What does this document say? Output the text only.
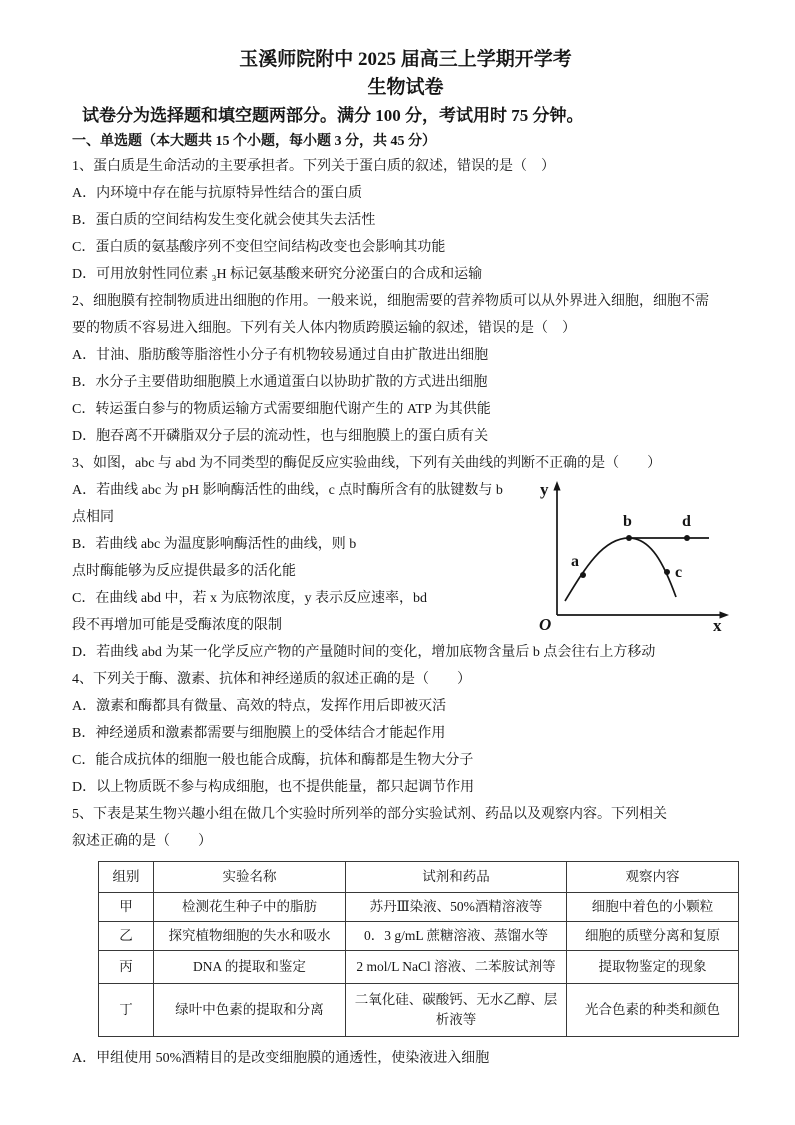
玉溪师院附中 2025 届高三上学期开学考
生物试卷
试卷分为选择题和填空题两部分。满分 100 分，考试用时 75 分钟。
一、单选题（本大题共 15 个小题，每小题 3 分，共 45 分）
1、蛋白质是生命活动的主要承担者。下列关于蛋白质的叙述，错误的是（　）
A．内环境中存在能与抗原特异性结合的蛋白质
B．蛋白质的空间结构发生变化就会使其失去活性
C．蛋白质的氨基酸序列不变但空间结构改变也会影响其功能
D．可用放射性同位素 ₃H 标记氨基酸来研究分泌蛋白的合成和运输
2、细胞膜有控制物质进出细胞的作用。一般来说，细胞需要的营养物质可以从外界进入细胞，细胞不需
要的物质不容易进入细胞。下列有关人体内物质跨膜运输的叙述，错误的是（　）
A．甘油、脂肪酸等脂溶性小分子有机物较易通过自由扩散进出细胞
B．水分子主要借助细胞膜上水通道蛋白以协助扩散的方式进出细胞
C．转运蛋白参与的物质运输方式需要细胞代谢产生的 ATP 为其供能
D．胞吞离不开磷脂双分子层的流动性，也与细胞膜上的蛋白质有关
y
x
O
a
b
c
d
3、如图，abc 与 abd 为不同类型的酶促反应实验曲线，下列有关曲线的判断不正确的是（　　）
A．若曲线 abc 为 pH 影响酶活性的曲线，c 点时酶所含有的肽键数与 b
点相同
B．若曲线 abc 为温度影响酶活性的曲线，则 b
点时酶能够为反应提供最多的活化能
C．在曲线 abd 中，若 x 为底物浓度，y 表示反应速率，bd
段不再增加可能是受酶浓度的限制
D．若曲线 abd 为某一化学反应产物的产量随时间的变化，增加底物含量后 b 点会往右上方移动
4、下列关于酶、激素、抗体和神经递质的叙述正确的是（　　）
A．激素和酶都具有微量、高效的特点，发挥作用后即被灭活
B．神经递质和激素都需要与细胞膜上的受体结合才能起作用
C．能合成抗体的细胞一般也能合成酶，抗体和酶都是生物大分子
D．以上物质既不参与构成细胞，也不提供能量，都只起调节作用
5、下表是某生物兴趣小组在做几个实验时所列举的部分实验试剂、药品以及观察内容。下列相关
叙述正确的是（　　）
组别	实验名称	试剂和药品	观察内容
甲	检测花生种子中的脂肪	苏丹Ⅲ染液、50%酒精溶液等	细胞中着色的小颗粒
乙	探究植物细胞的失水和吸水	0．3 g/mL 蔗糖溶液、蒸馏水等	细胞的质壁分离和复原
丙	DNA 的提取和鉴定	2 mol/L NaCl 溶液、二苯胺试剂等	提取物鉴定的现象
丁	绿叶中色素的提取和分离	二氧化硅、碳酸钙、无水乙醇、层析液等	光合色素的种类和颜色
A．甲组使用 50%酒精目的是改变细胞膜的通透性，使染液进入细胞
